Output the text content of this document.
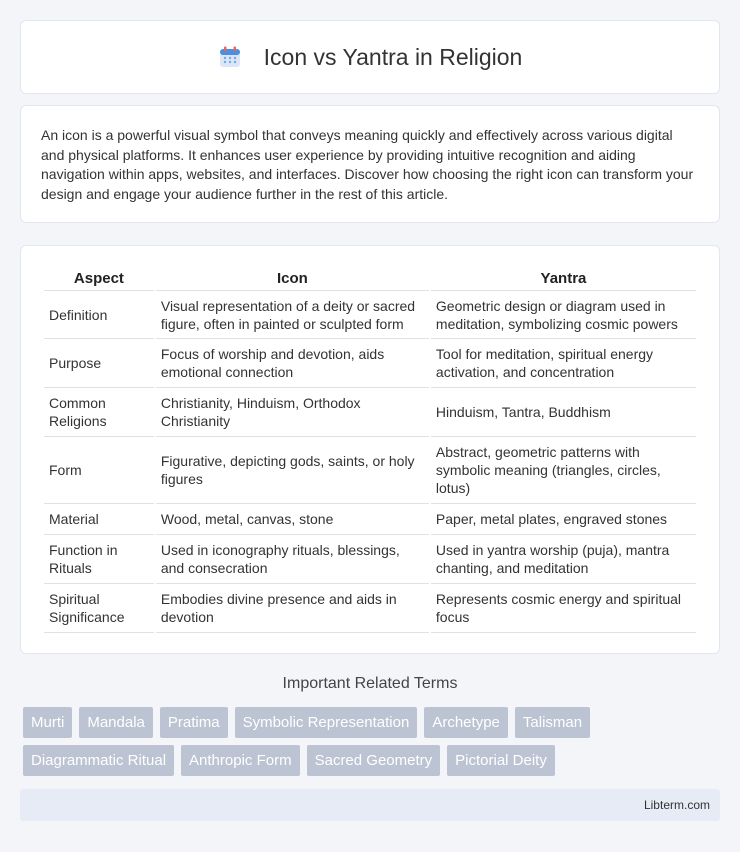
Icon vs Yantra in Religion

An icon is a powerful visual symbol that conveys meaning quickly and effectively across various digital and physical platforms. It enhances user experience by providing intuitive recognition and aiding navigation within apps, websites, and interfaces. Discover how choosing the right icon can transform your design and engage your audience further in the rest of this article.

Aspect	Icon	Yantra
Definition	Visual representation of a deity or sacred figure, often in painted or sculpted form	Geometric design or diagram used in meditation, symbolizing cosmic powers
Purpose	Focus of worship and devotion, aids emotional connection	Tool for meditation, spiritual energy activation, and concentration
Common Religions	Christianity, Hinduism, Orthodox Christianity	Hinduism, Tantra, Buddhism
Form	Figurative, depicting gods, saints, or holy figures	Abstract, geometric patterns with symbolic meaning (triangles, circles, lotus)
Material	Wood, metal, canvas, stone	Paper, metal plates, engraved stones
Function in Rituals	Used in iconography rituals, blessings, and consecration	Used in yantra worship (puja), mantra chanting, and meditation
Spiritual Significance	Embodies divine presence and aids in devotion	Represents cosmic energy and spiritual focus
Important Related Terms
Murti	Mandala	Pratima	Symbolic Representation	Archetype	Talisman
Diagrammatic Ritual	Anthropic Form	Sacred Geometry	Pictorial Deity
Libterm.com
